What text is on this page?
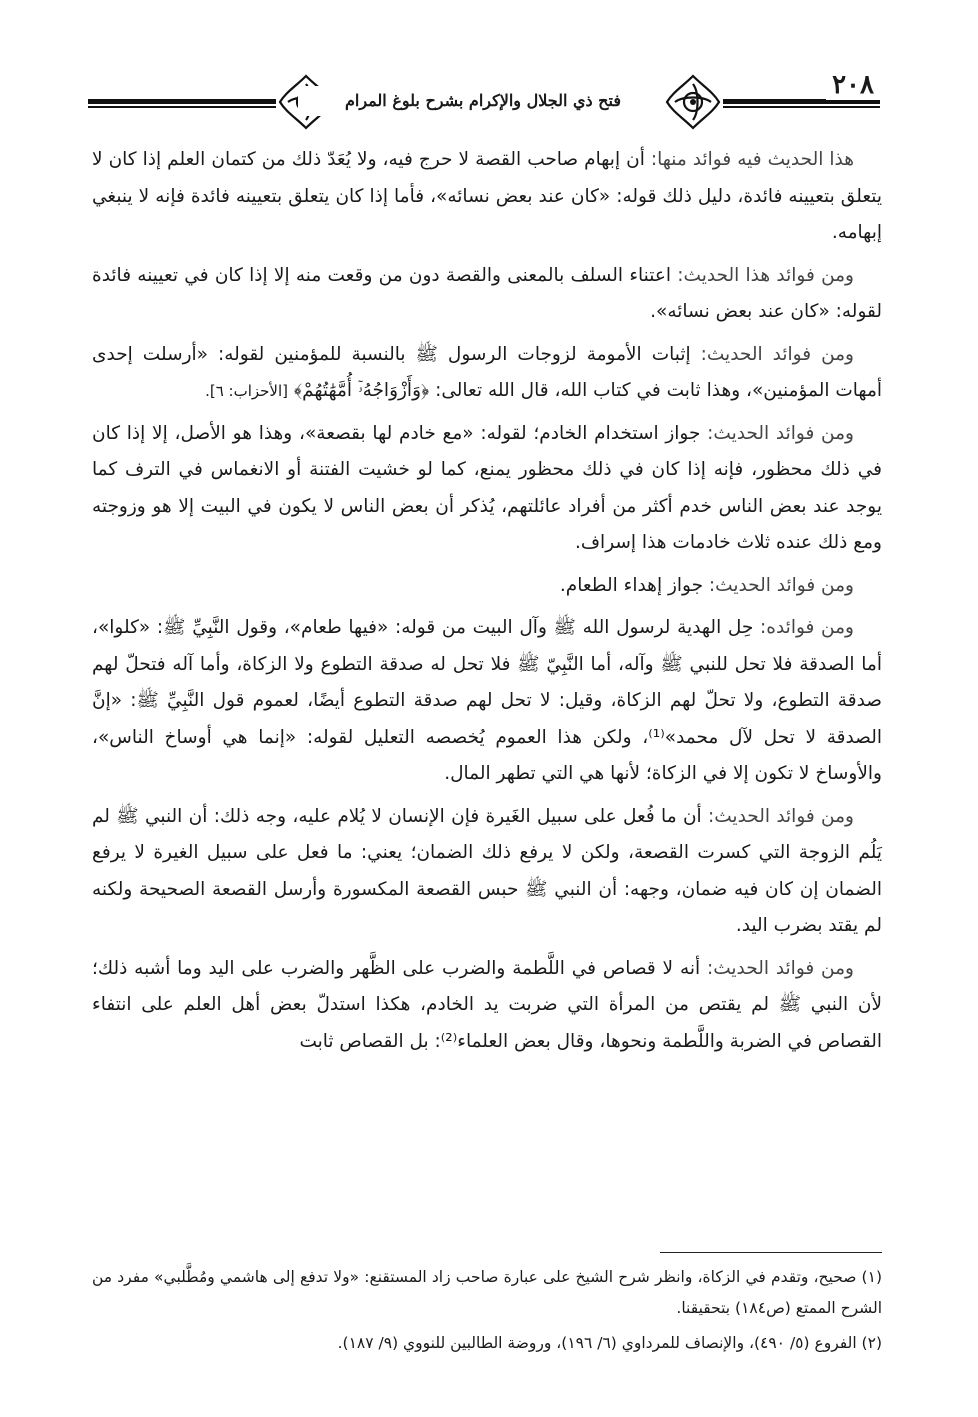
فتح ذي الجلال والإكرام بشرح بلوغ المرام
٢٠٨

هذا الحديث فيه فوائد منها: أن إبهام صاحب القصة لا حرج فيه، ولا يُعَدّ ذلك من كتمان العلم إذا كان لا يتعلق بتعيينه فائدة، دليل ذلك قوله: «كان عند بعض نسائه»، فأما إذا كان يتعلق بتعيينه فائدة فإنه لا ينبغي إبهامه.

ومن فوائد هذا الحديث: اعتناء السلف بالمعنى والقصة دون من وقعت منه إلا إذا كان في تعيينه فائدة لقوله: «كان عند بعض نسائه».

ومن فوائد الحديث: إثبات الأمومة لزوجات الرسول ﷺ بالنسبة للمؤمنين لقوله: «أرسلت إحدى أمهات المؤمنين»، وهذا ثابت في كتاب الله، قال الله تعالى: ﴿وَأَزْوَاجُهُۥٓ أُمَّهَٰتُهُمْ﴾ [الأحزاب: ٦].

ومن فوائد الحديث: جواز استخدام الخادم؛ لقوله: «مع خادم لها بقصعة»، وهذا هو الأصل، إلا إذا كان في ذلك محظور، فإنه إذا كان في ذلك محظور يمنع، كما لو خشيت الفتنة أو الانغماس في الترف كما يوجد عند بعض الناس خدم أكثر من أفراد عائلتهم، يُذكر أن بعض الناس لا يكون في البيت إلا هو وزوجته ومع ذلك عنده ثلاث خادمات هذا إسراف.

ومن فوائد الحديث: جواز إهداء الطعام.

ومن فوائده: حِل الهدية لرسول الله ﷺ وآل البيت من قوله: «فيها طعام»، وقول النَّبِيِّ ﷺ: «كلوا»، أما الصدقة فلا تحل للنبي ﷺ وآله، أما النَّبِيّ ﷺ فلا تحل له صدقة التطوع ولا الزكاة، وأما آله فتحلّ لهم صدقة التطوع، ولا تحلّ لهم الزكاة، وقيل: لا تحل لهم صدقة التطوع أيضًا، لعموم قول النَّبِيِّ ﷺ: «إنَّ الصدقة لا تحل لآل محمد»⁽¹⁾، ولكن هذا العموم يُخصصه التعليل لقوله: «إنما هي أوساخ الناس»، والأوساخ لا تكون إلا في الزكاة؛ لأنها هي التي تطهر المال.

ومن فوائد الحديث: أن ما فُعل على سبيل الغَيرة فإن الإنسان لا يُلام عليه، وجه ذلك: أن النبي ﷺ لم يَلُم الزوجة التي كسرت القصعة، ولكن لا يرفع ذلك الضمان؛ يعني: ما فعل على سبيل الغيرة لا يرفع الضمان إن كان فيه ضمان، وجهه: أن النبي ﷺ حبس القصعة المكسورة وأرسل القصعة الصحيحة ولكنه لم يقتد بضرب اليد.

ومن فوائد الحديث: أنه لا قصاص في اللَّطمة والضرب على الظَّهر والضرب على اليد وما أشبه ذلك؛ لأن النبي ﷺ لم يقتص من المرأة التي ضربت يد الخادم، هكذا استدلّ بعض أهل العلم على انتفاء القصاص في الضربة واللَّطمة ونحوها، وقال بعض العلماء⁽²⁾: بل القصاص ثابت

(١) صحيح، وتقدم في الزكاة، وانظر شرح الشيخ على عبارة صاحب زاد المستقنع: «ولا تدفع إلى هاشمي ومُطَّلبي» مفرد من الشرح الممتع (ص١٨٤) بتحقيقنا.

(٢) الفروع (٥/ ٤٩٠)، والإنصاف للمرداوي (٦/ ١٩٦)، وروضة الطالبين للنووي (٩/ ١٨٧).
